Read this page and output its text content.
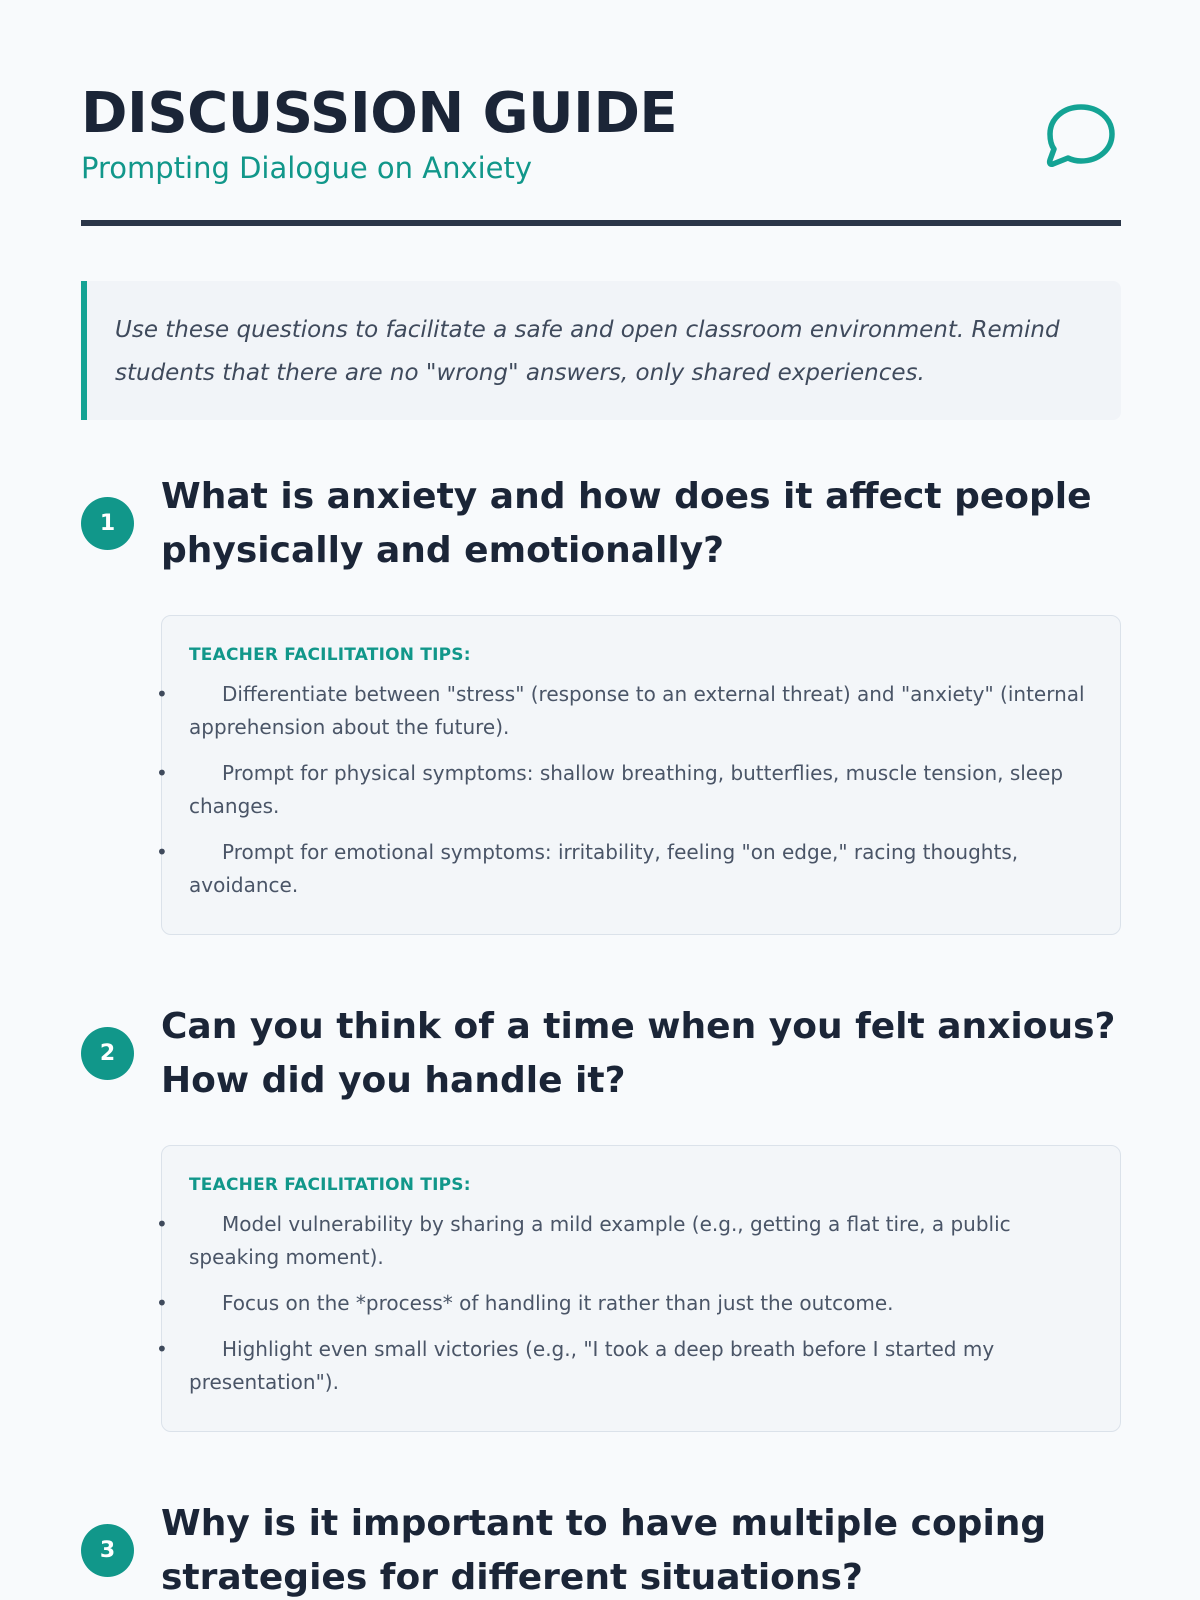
DISCUSSION GUIDE

Prompting Dialogue on Anxiety

Use these questions to facilitate a safe and open classroom environment. Remind students that there are no "wrong" answers, only shared experiences.

1
What is anxiety and how does it affect people physically and emotionally?
TEACHER FACILITATION TIPS:
•	Differentiate between "stress" (response to an external threat) and "anxiety" (internal apprehension about the future).
•	Prompt for physical symptoms: shallow breathing, butterflies, muscle tension, sleep changes.
•	Prompt for emotional symptoms: irritability, feeling "on edge," racing thoughts, avoidance.
2
Can you think of a time when you felt anxious? How did you handle it?
TEACHER FACILITATION TIPS:
•	Model vulnerability by sharing a mild example (e.g., getting a flat tire, a public speaking moment).
•	Focus on the *process* of handling it rather than just the outcome.
•	Highlight even small victories (e.g., "I took a deep breath before I started my presentation").
3
Why is it important to have multiple coping strategies for different situations?
